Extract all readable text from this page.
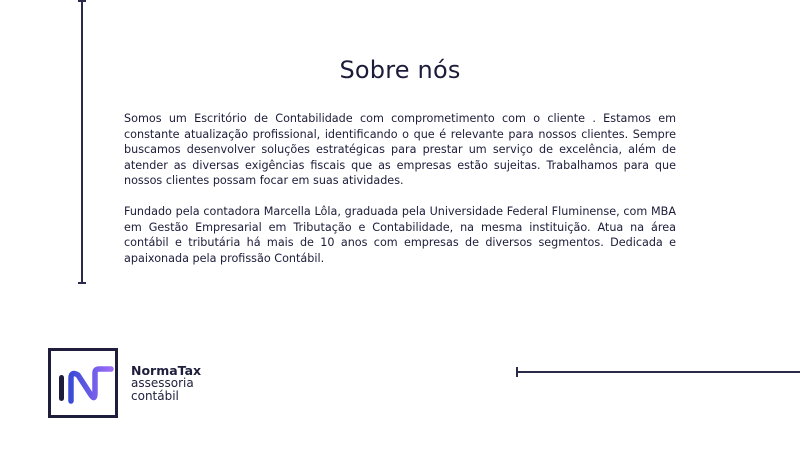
Sobre nós

Somos um Escritório de Contabilidade com comprometimento com o cliente . Estamos em constante atualização profissional, identificando o que é relevante para nossos clientes. Sempre buscamos desenvolver soluções estratégicas para prestar um serviço de excelência, além de atender as diversas exigências fiscais que as empresas estão sujeitas. Trabalhamos para que nossos clientes possam focar em suas atividades.

Fundado pela contadora Marcella Lôla, graduada pela Universidade Federal Fluminense, com MBA em Gestão Empresarial em Tributação e Contabilidade, na mesma instituição. Atua na área contábil e tributária há mais de 10 anos com empresas de diversos segmentos. Dedicada e apaixonada pela profissão Contábil.

NormaTax
assessoria
contábil
